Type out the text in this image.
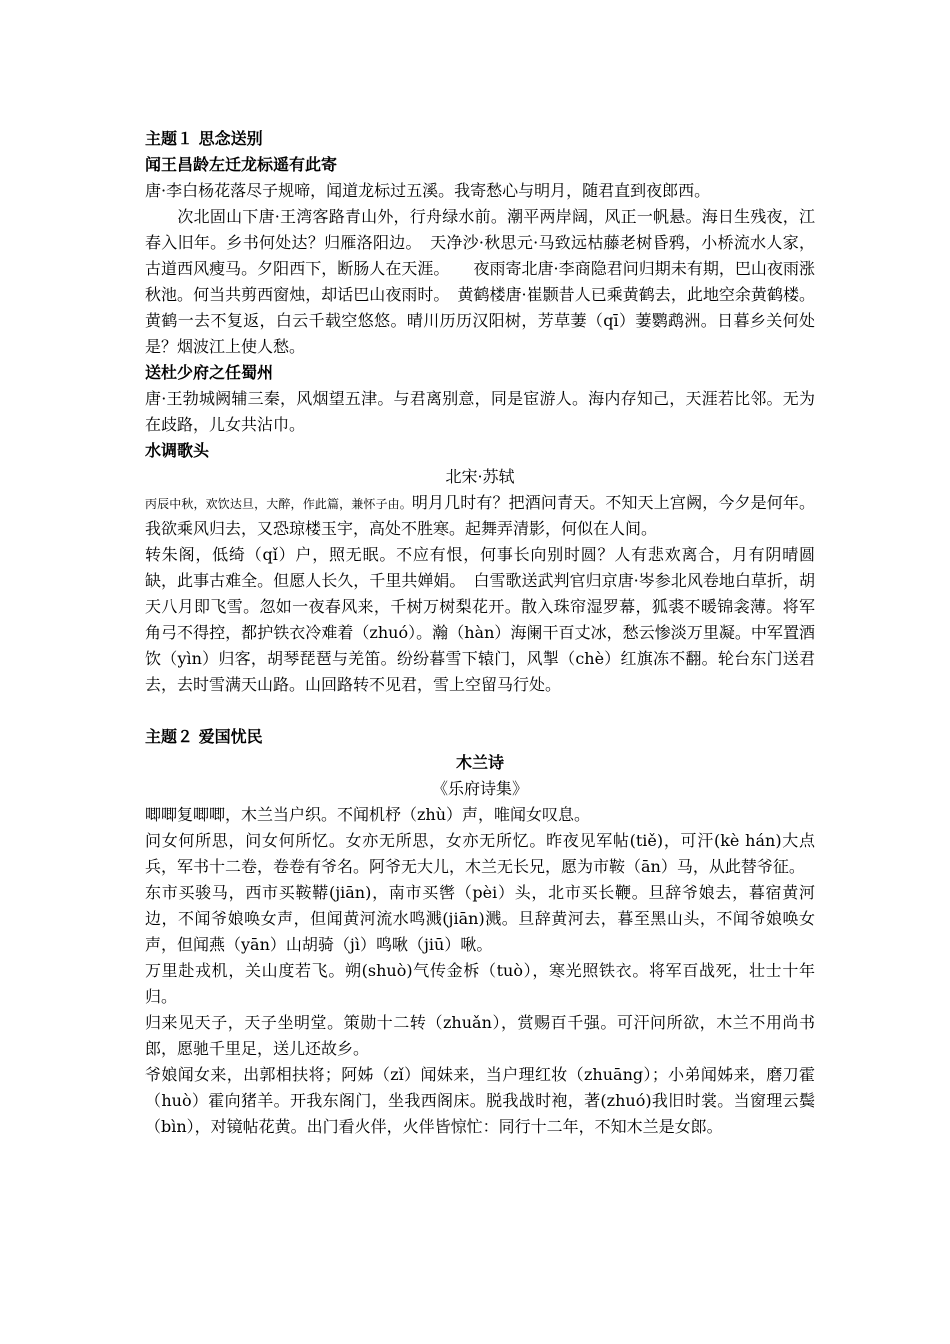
主题１ 思念送别

闻王昌龄左迁龙标遥有此寄

唐·李白杨花落尽子规啼，闻道龙标过五溪。我寄愁心与明月，随君直到夜郎西。

　　次北固山下唐·王湾客路青山外，行舟绿水前。潮平两岸阔，风正一帆悬。海日生残夜，江春入旧年。乡书何处达？归雁洛阳边。　天净沙·秋思元·马致远枯藤老树昏鸦，小桥流水人家，古道西风瘦马。夕阳西下，断肠人在天涯。　　夜雨寄北唐·李商隐君问归期未有期，巴山夜雨涨秋池。何当共剪西窗烛，却话巴山夜雨时。　黄鹤楼唐·崔颢昔人已乘黄鹤去，此地空余黄鹤楼。黄鹤一去不复返，白云千载空悠悠。晴川历历汉阳树，芳草萋（qī）萋鹦鹉洲。日暮乡关何处是？烟波江上使人愁。

送杜少府之任蜀州

唐·王勃城阙辅三秦，风烟望五津。与君离别意，同是宦游人。海内存知己，天涯若比邻。无为在歧路，儿女共沾巾。

水调歌头

北宋·苏轼

丙辰中秋，欢饮达旦，大醉，作此篇，兼怀子由。明月几时有？把酒问青天。不知天上宫阙，今夕是何年。我欲乘风归去，又恐琼楼玉宇，高处不胜寒。起舞弄清影，何似在人间。

转朱阁，低绮（qǐ）户，照无眠。不应有恨，何事长向别时圆？人有悲欢离合，月有阴晴圆缺，此事古难全。但愿人长久，千里共婵娟。　白雪歌送武判官归京唐·岑参北风卷地白草折，胡天八月即飞雪。忽如一夜春风来，千树万树梨花开。散入珠帘湿罗幕，狐裘不暖锦衾薄。将军角弓不得控，都护铁衣冷难着（zhuó）。瀚（hàn）海阑干百丈冰，愁云惨淡万里凝。中军置酒饮（yìn）归客，胡琴琵琶与羌笛。纷纷暮雪下辕门，风掣（chè）红旗冻不翻。轮台东门送君去，去时雪满天山路。山回路转不见君，雪上空留马行处。

主题２ 爱国忧民

木兰诗

《乐府诗集》

唧唧复唧唧，木兰当户织。不闻机杼（zhù）声，唯闻女叹息。

问女何所思，问女何所忆。女亦无所思，女亦无所忆。昨夜见军帖(tiě)，可汗(kè hán)大点兵，军书十二卷，卷卷有爷名。阿爷无大儿，木兰无长兄，愿为市鞍（ān）马，从此替爷征。

东市买骏马，西市买鞍鞯(jiān)，南市买辔（pèi）头，北市买长鞭。旦辞爷娘去，暮宿黄河边，不闻爷娘唤女声，但闻黄河流水鸣溅(jiān)溅。旦辞黄河去，暮至黑山头，不闻爷娘唤女声，但闻燕（yān）山胡骑（jì）鸣啾（jiū）啾。

万里赴戎机，关山度若飞。朔(shuò)气传金柝（tuò），寒光照铁衣。将军百战死，壮士十年归。

归来见天子，天子坐明堂。策勋十二转（zhuǎn），赏赐百千强。可汗问所欲，木兰不用尚书郎，愿驰千里足，送儿还故乡。

爷娘闻女来，出郭相扶将；阿姊（zǐ）闻妹来，当户理红妆（zhuāng）；小弟闻姊来，磨刀霍（huò）霍向猪羊。开我东阁门，坐我西阁床。脱我战时袍，著(zhuó)我旧时裳。当窗理云鬓（bìn），对镜帖花黄。出门看火伴，火伴皆惊忙：同行十二年，不知木兰是女郎。
